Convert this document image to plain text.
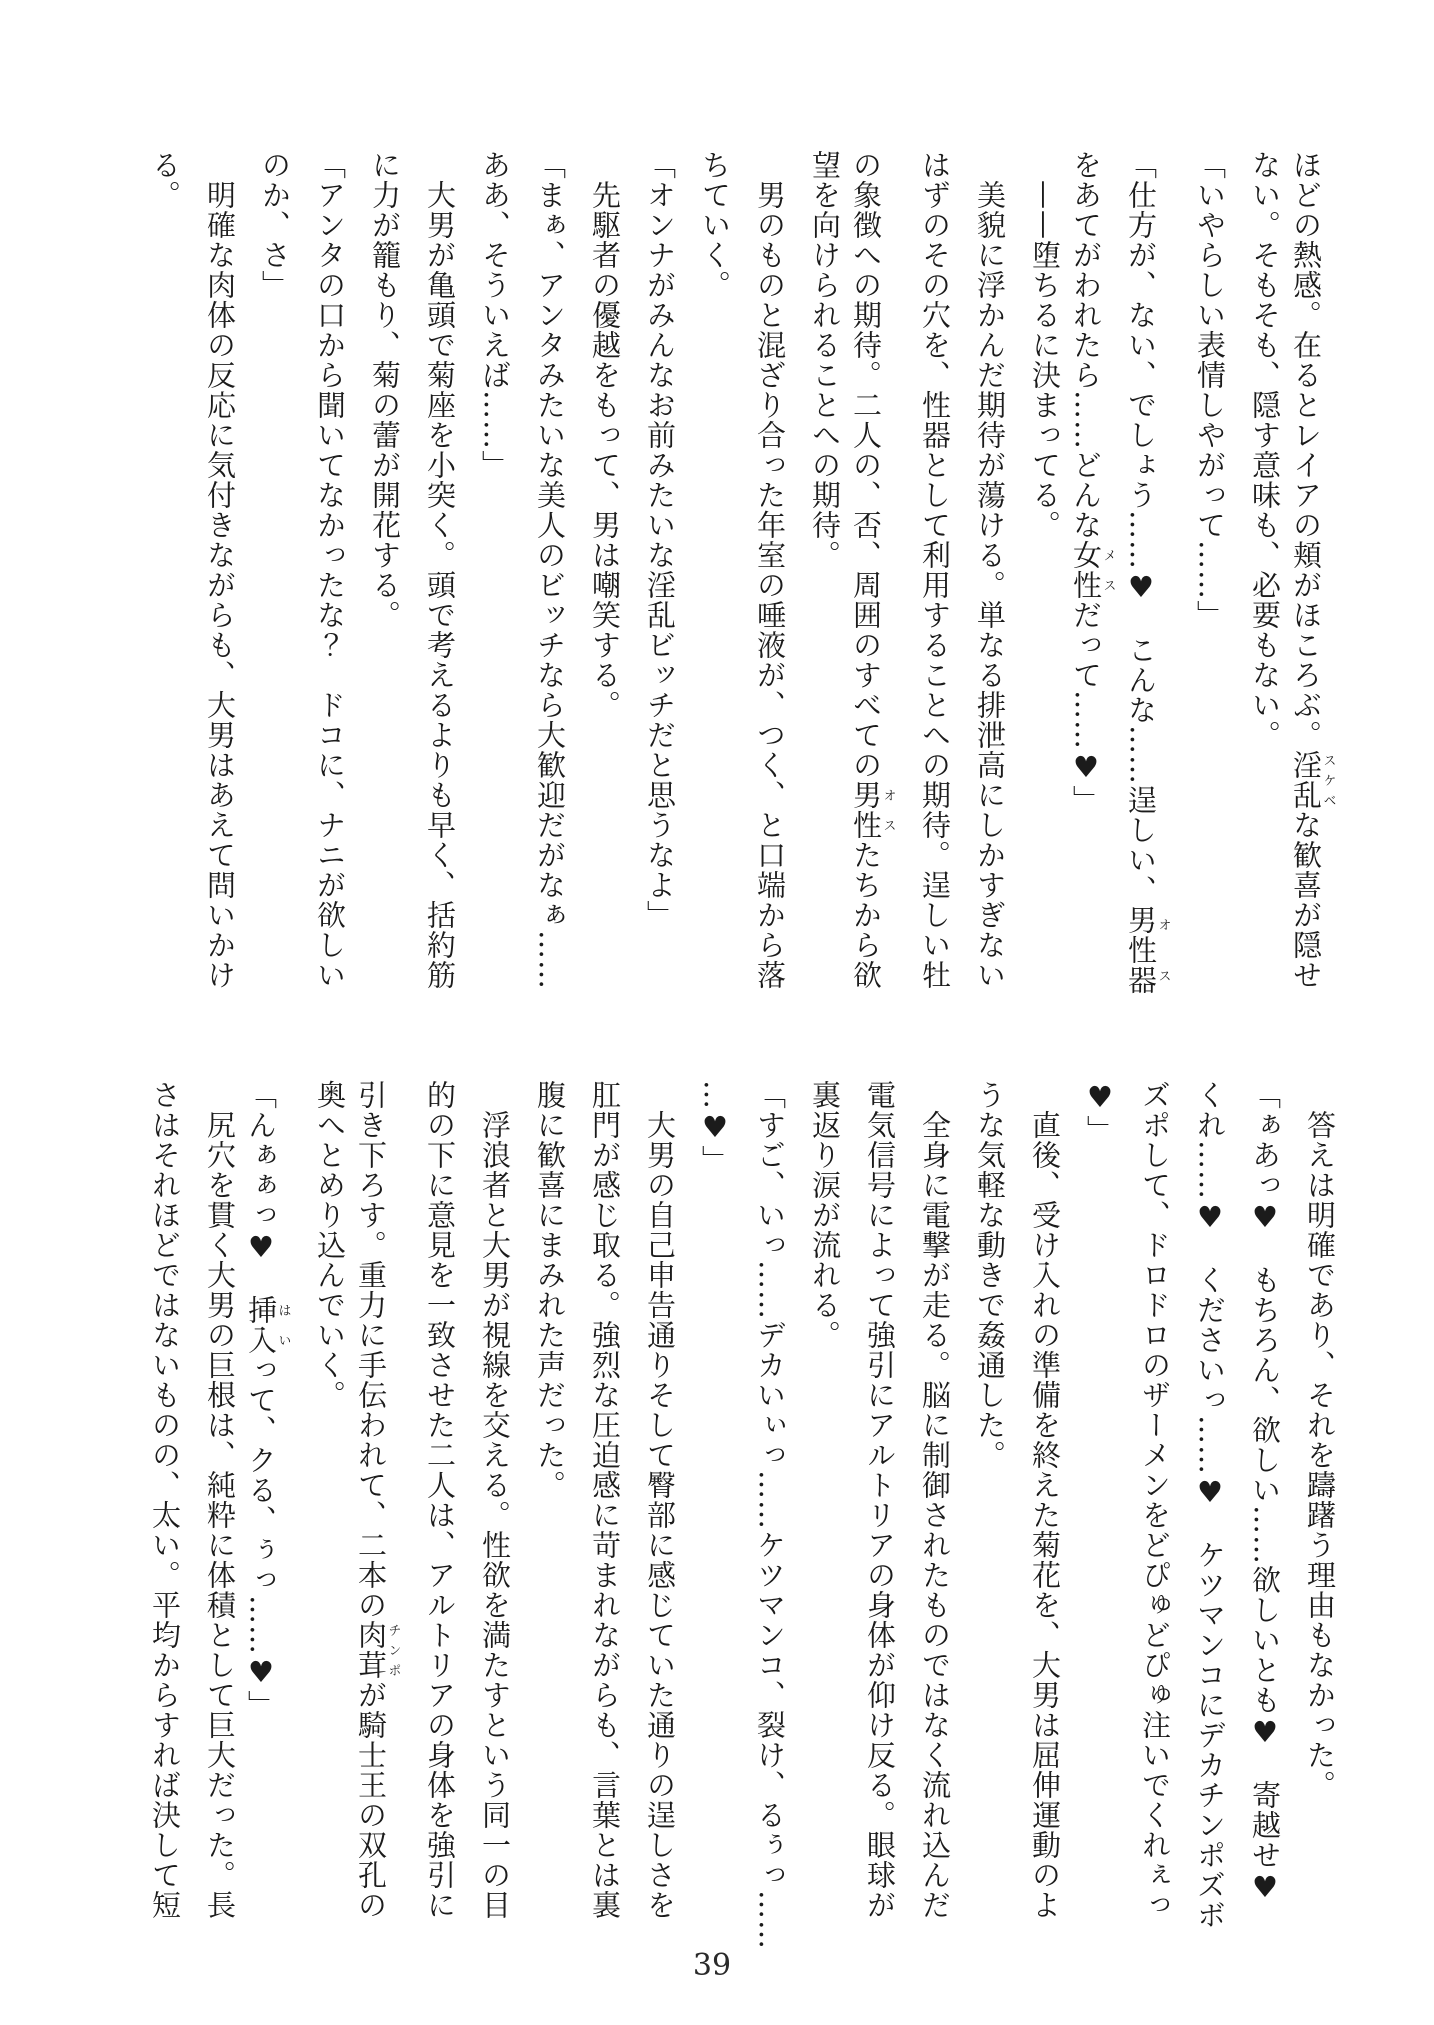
ほどの熱感。在るとレイアの頬がほころぶ。淫乱スケベな歓喜が隠せ
ない。そもそも、隠す意味も、必要もない。
「いやらしい表情しやがって……」
「仕方が、ない、でしょう……♥　こんな……逞しい、男性器オス
をあてがわれたら……どんな女性メスだって……♥」
　——堕ちるに決まってる。
　美貌に浮かんだ期待が蕩ける。単なる排泄高にしかすぎない
はずのその穴を、性器として利用することへの期待。逞しい牡
の象徴への期待。二人の、否、周囲のすべての男性オスたちから欲
望を向けられることへの期待。
　男のものと混ざり合った年室の唾液が、つく、と口端から落
ちていく。
「オンナがみんなお前みたいな淫乱ビッチだと思うなよ」
　先駆者の優越をもって、男は嘲笑する。
「まぁ、アンタみたいな美人のビッチなら大歓迎だがなぁ……
ああ、そういえば……」
　大男が亀頭で菊座を小突く。頭で考えるよりも早く、括約筋
に力が籠もり、菊の蕾が開花する。
「アンタの口から聞いてなかったな？　ドコに、ナニが欲しい
のか、さ」
　明確な肉体の反応に気付きながらも、大男はあえて問いかけ
る。
　答えは明確であり、それを躊躇う理由もなかった。
「ぁあっ♥　もちろん、欲しい……欲しいとも♥　寄越せ♥
くれ……♥　くださいっ……♥　ケツマンコにデカチンポズボ
ズポして、ドロドロのザーメンをどぴゅどぴゅ注いでくれぇっ
♥」
　直後、受け入れの準備を終えた菊花を、大男は屈伸運動のよ
うな気軽な動きで姦通した。
　全身に電撃が走る。脳に制御されたものではなく流れ込んだ
電気信号によって強引にアルトリアの身体が仰け反る。眼球が
裏返り涙が流れる。
「すご、いっ……デカいぃっ……ケツマンコ、裂け、るぅっ……
…♥」
　大男の自己申告通りそして臀部に感じていた通りの逞しさを
肛門が感じ取る。強烈な圧迫感に苛まれながらも、言葉とは裏
腹に歓喜にまみれた声だった。
　浮浪者と大男が視線を交える。性欲を満たすという同一の目
的の下に意見を一致させた二人は、アルトリアの身体を強引に
引き下ろす。重力に手伝われて、二本の肉茸チンポが騎士王の双孔の
奥へとめり込んでいく。
「んぁぁっ♥　挿入はいって、クる、ぅっ……♥」
　尻穴を貫く大男の巨根は、純粋に体積として巨大だった。長
さはそれほどではないものの、太い。平均からすれば決して短
39
